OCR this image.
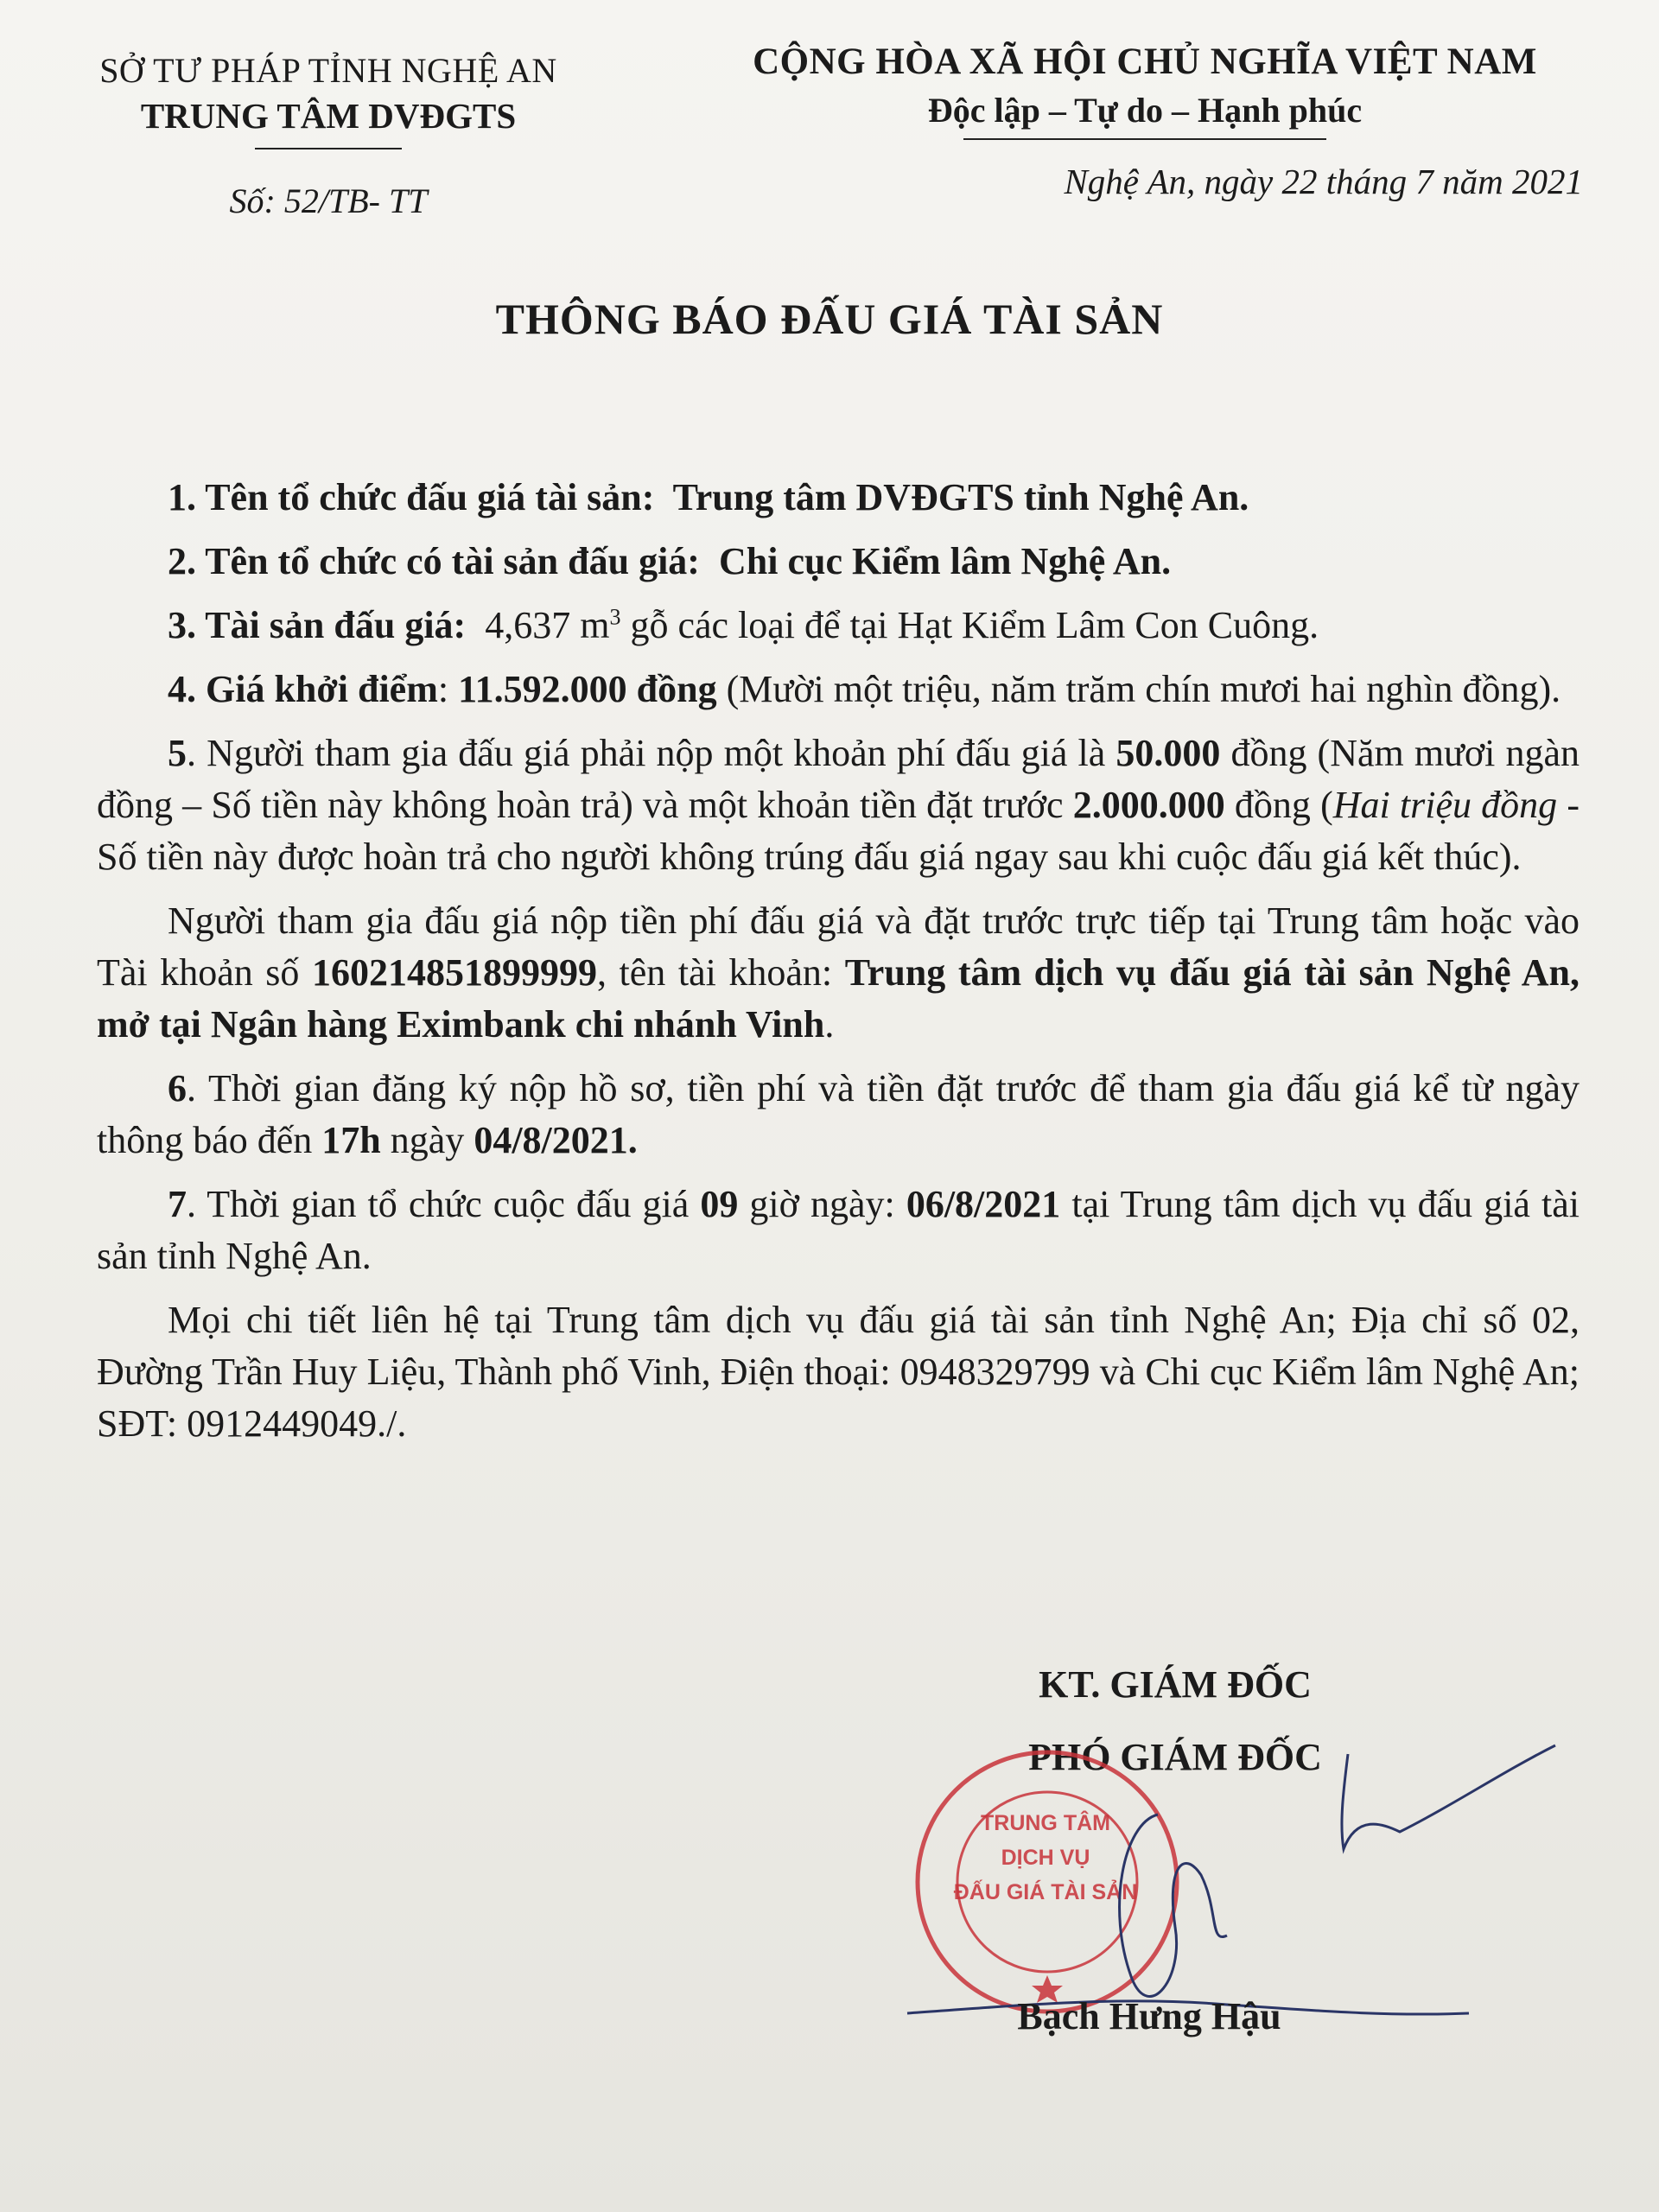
SỞ TƯ PHÁP TỈNH NGHỆ AN
TRUNG TÂM DVĐGTS
Số: 52/TB- TT
CỘNG HÒA XÃ HỘI CHỦ NGHĨA VIỆT NAM
Độc lập – Tự do – Hạnh phúc
Nghệ An, ngày 22 tháng 7 năm 2021
THÔNG BÁO ĐẤU GIÁ TÀI SẢN

1. Tên tổ chức đấu giá tài sản: Trung tâm DVĐGTS tỉnh Nghệ An.

2. Tên tổ chức có tài sản đấu giá: Chi cục Kiểm lâm Nghệ An.

3. Tài sản đấu giá: 4,637 $m^3$ gỗ các loại để tại Hạt Kiểm Lâm Con Cuông.

4. Giá khởi điểm: 11.592.000 đồng (Mười một triệu, năm trăm chín mươi hai nghìn đồng).

5. Người tham gia đấu giá phải nộp một khoản phí đấu giá là 50.000 đồng (Năm mươi ngàn đồng – Số tiền này không hoàn trả) và một khoản tiền đặt trước 2.000.000 đồng (Hai triệu đồng - Số tiền này được hoàn trả cho người không trúng đấu giá ngay sau khi cuộc đấu giá kết thúc).

Người tham gia đấu giá nộp tiền phí đấu giá và đặt trước trực tiếp tại Trung tâm hoặc vào Tài khoản số 160214851899999, tên tài khoản: Trung tâm dịch vụ đấu giá tài sản Nghệ An, mở tại Ngân hàng Eximbank chi nhánh Vinh.

6. Thời gian đăng ký nộp hồ sơ, tiền phí và tiền đặt trước để tham gia đấu giá kể từ ngày thông báo đến 17h ngày 04/8/2021.

7. Thời gian tổ chức cuộc đấu giá 09 giờ ngày: 06/8/2021 tại Trung tâm dịch vụ đấu giá tài sản tỉnh Nghệ An.

Mọi chi tiết liên hệ tại Trung tâm dịch vụ đấu giá tài sản tỉnh Nghệ An; Địa chỉ số 02, Đường Trần Huy Liệu, Thành phố Vinh, Điện thoại: 0948329799 và Chi cục Kiểm lâm Nghệ An; SĐT: 0912449049./.

KT. GIÁM ĐỐC
PHÓ GIÁM ĐỐC
TRUNG TÂM
DỊCH VỤ
ĐẤU GIÁ TÀI SẢN
Bạch Hưng Hậu
